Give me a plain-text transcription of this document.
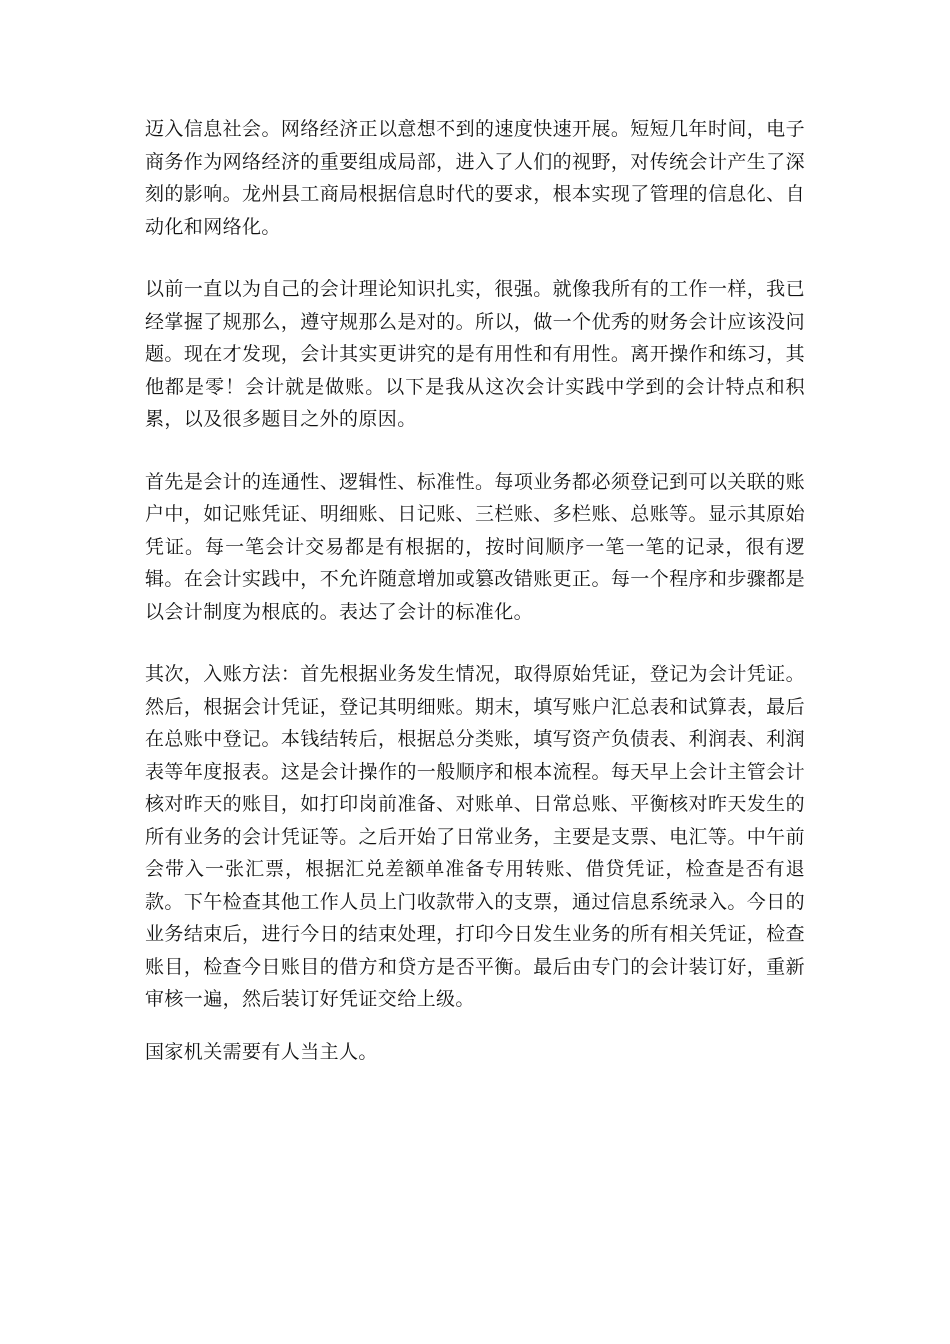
迈入信息社会。网络经济正以意想不到的速度快速开展。短短几年时间，电子商务作为网络经济的重要组成局部，进入了人们的视野，对传统会计产生了深刻的影响。龙州县工商局根据信息时代的要求，根本实现了管理的信息化、自动化和网络化。

以前一直以为自己的会计理论知识扎实，很强。就像我所有的工作一样，我已经掌握了规那么，遵守规那么是对的。所以，做一个优秀的财务会计应该没问题。现在才发现，会计其实更讲究的是有用性和有用性。离开操作和练习，其他都是零！会计就是做账。以下是我从这次会计实践中学到的会计特点和积累，以及很多题目之外的原因。

首先是会计的连通性、逻辑性、标准性。每项业务都必须登记到可以关联的账户中，如记账凭证、明细账、日记账、三栏账、多栏账、总账等。显示其原始凭证。每一笔会计交易都是有根据的，按时间顺序一笔一笔的记录，很有逻辑。在会计实践中，不允许随意增加或篡改错账更正。每一个程序和步骤都是以会计制度为根底的。表达了会计的标准化。

其次，入账方法：首先根据业务发生情况，取得原始凭证，登记为会计凭证。然后，根据会计凭证，登记其明细账。期末，填写账户汇总表和试算表，最后在总账中登记。本钱结转后，根据总分类账，填写资产负债表、利润表、利润表等年度报表。这是会计操作的一般顺序和根本流程。每天早上会计主管会计核对昨天的账目，如打印岗前准备、对账单、日常总账、平衡核对昨天发生的所有业务的会计凭证等。之后开始了日常业务，主要是支票、电汇等。中午前会带入一张汇票，根据汇兑差额单准备专用转账、借贷凭证，检查是否有退款。下午检查其他工作人员上门收款带入的支票，通过信息系统录入。今日的业务结束后，进行今日的结束处理，打印今日发生业务的所有相关凭证，检查账目，检查今日账目的借方和贷方是否平衡。最后由专门的会计装订好，重新审核一遍，然后装订好凭证交给上级。

国家机关需要有人当主人。
